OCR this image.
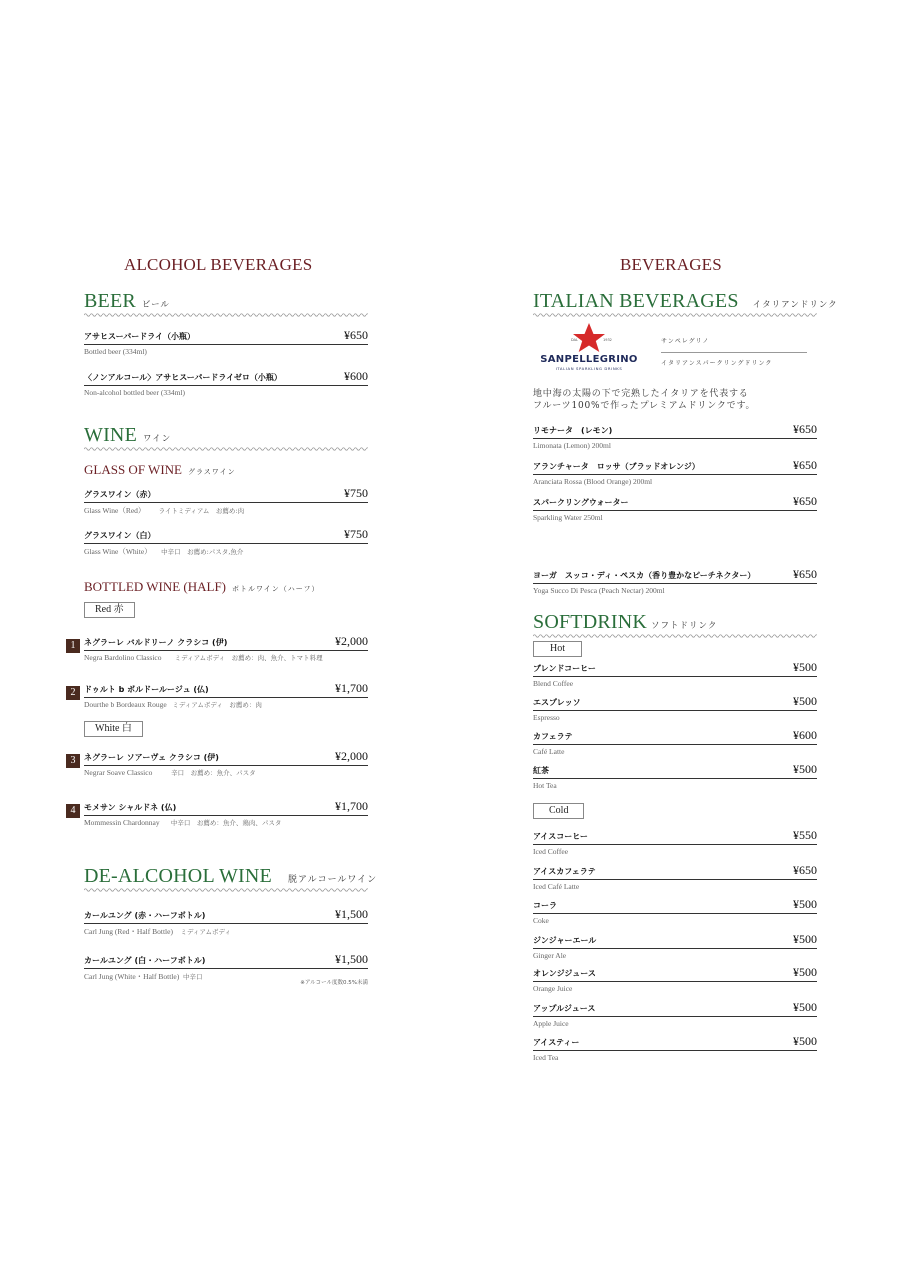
ALCOHOL BEVERAGES
BEER ビール
アサヒスーパードライ（小瓶）	¥650
Bottled beer (334ml)
〈ノンアルコール〉アサヒスーパードライゼロ（小瓶）	¥600
Non-alcohol bottled beer (334ml)
WINE ワイン
GLASS OF WINE グラスワイン
グラスワイン（赤）	¥750
Glass Wine（Red） ライトミディアム　お薦め:肉
グラスワイン（白）	¥750
Glass Wine（White） 中辛口　お薦め:パスタ,魚介
BOTTLED WINE (HALF) ボトルワイン（ハーフ）
Red 赤
1	ネグラーレ バルドリーノ クラシコ (伊)	¥2,000
Negra Bardolino Classico ミディアムボディ　お薦め：肉、魚介、トマト料理
2	ドゥルト b ボルドールージュ (仏)	¥1,700
Dourthe b Bordeaux Rouge ミディアムボディ　お薦め：肉
White 白
3	ネグラーレ ソアーヴェ クラシコ (伊)	¥2,000
Negrar Soave Classico	辛口　お薦め：魚介、パスタ
4	モメサン シャルドネ (仏)	¥1,700
Mommessin Chardonnay 中辛口　お薦め：魚介、鶏肉、パスタ
DE-ALCOHOL WINE 脱アルコールワイン
カールユング (赤・ハーフボトル)	¥1,500
Carl Jung (Red・Half Bottle) ミディアムボディ
カールユング (白・ハーフボトル)	¥1,500
Carl Jung (White・Half Bottle) 中辛口
※アルコール度数0.5%未満
BEVERAGES
ITALIAN BEVERAGES イタリアンドリンク
DAL	1932
SANPELLEGRINO
ITALIAN SPARKLING DRINKS
サンペレグリノ
イタリアンスパークリングドリンク
地中海の太陽の下で完熟したイタリアを代表する
フルーツ100%で作ったプレミアムドリンクです。
リモナータ　(レモン)	¥650
Limonata (Lemon) 200ml
アランチャータ　ロッサ（ブラッドオレンジ）	¥650
Aranciata Rossa (Blood Orange) 200ml
スパークリングウォーター	¥650
Sparkling Water 250ml
ヨーガ　スッコ・ディ・ペスカ（香り豊かなピーチネクター）	¥650
Yoga Succo Di Pesca (Peach Nectar) 200ml
SOFTDRINK ソフトドリンク
Hot
ブレンドコーヒー	¥500
Blend Coffee
エスプレッソ	¥500
Espresso
カフェラテ	¥600
Café Latte
紅茶	¥500
Hot Tea
Cold
アイスコーヒー	¥550
Iced Coffee
アイスカフェラテ	¥650
Iced Café Latte
コーラ	¥500
Coke
ジンジャーエール	¥500
Ginger Ale
オレンジジュース	¥500
Orange Juice
アップルジュース	¥500
Apple Juice
アイスティー	¥500
Iced Tea
